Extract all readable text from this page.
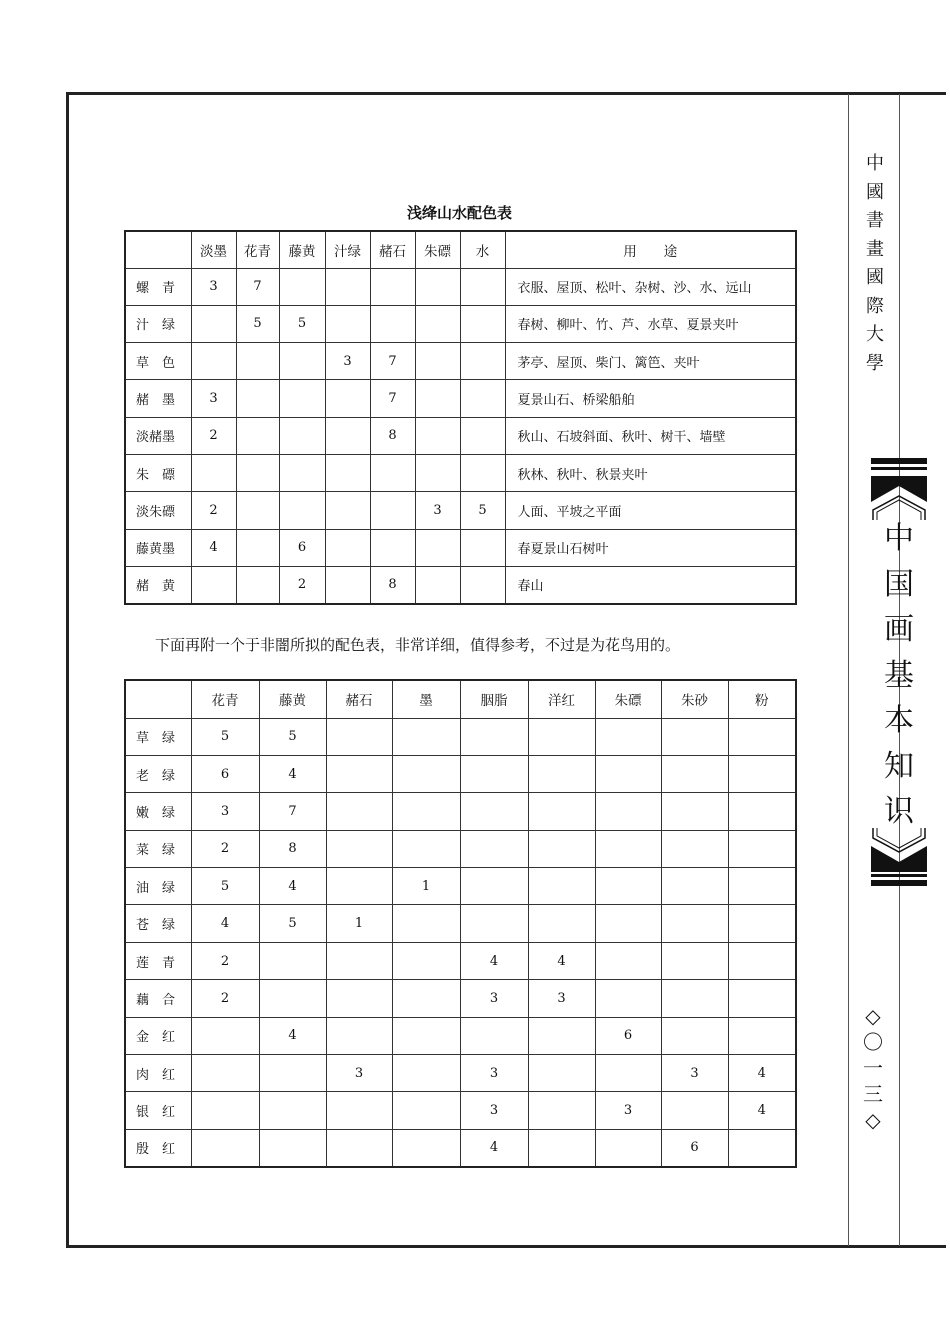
中
國
書
畫
國
際
大
學
中
国
画
基
本
知
识
◇
〇
一
三
◇
浅绛山水配色表
	淡墨	花青	藤黄	汁绿	赭石	朱磦	水	用　　途
螺　青	3	7						衣服、屋顶、松叶、杂树、沙、水、远山
汁　绿		5	5					春树、柳叶、竹、芦、水草、夏景夹叶
草　色				3	7			茅亭、屋顶、柴门、篱笆、夹叶
赭　墨	3				7			夏景山石、桥梁船舶
淡赭墨	2				8			秋山、石坡斜面、秋叶、树干、墙壁
朱　磦								秋林、秋叶、秋景夹叶
淡朱磦	2					3	5	人面、平坡之平面
藤黄墨	4		6					春夏景山石树叶
赭　黄			2		8			春山
下面再附一个于非闇所拟的配色表，非常详细，值得参考，不过是为花鸟用的。
	花青	藤黄	赭石	墨	胭脂	洋红	朱磦	朱砂	粉
草　绿	5	5							
老　绿	6	4							
嫩　绿	3	7							
菜　绿	2	8							
油　绿	5	4		1					
苍　绿	4	5	1						
莲　青	2				4	4			
藕　合	2				3	3			
金　红		4					6		
肉　红			3		3			3	4
银　红					3		3		4
殷　红					4			6	
